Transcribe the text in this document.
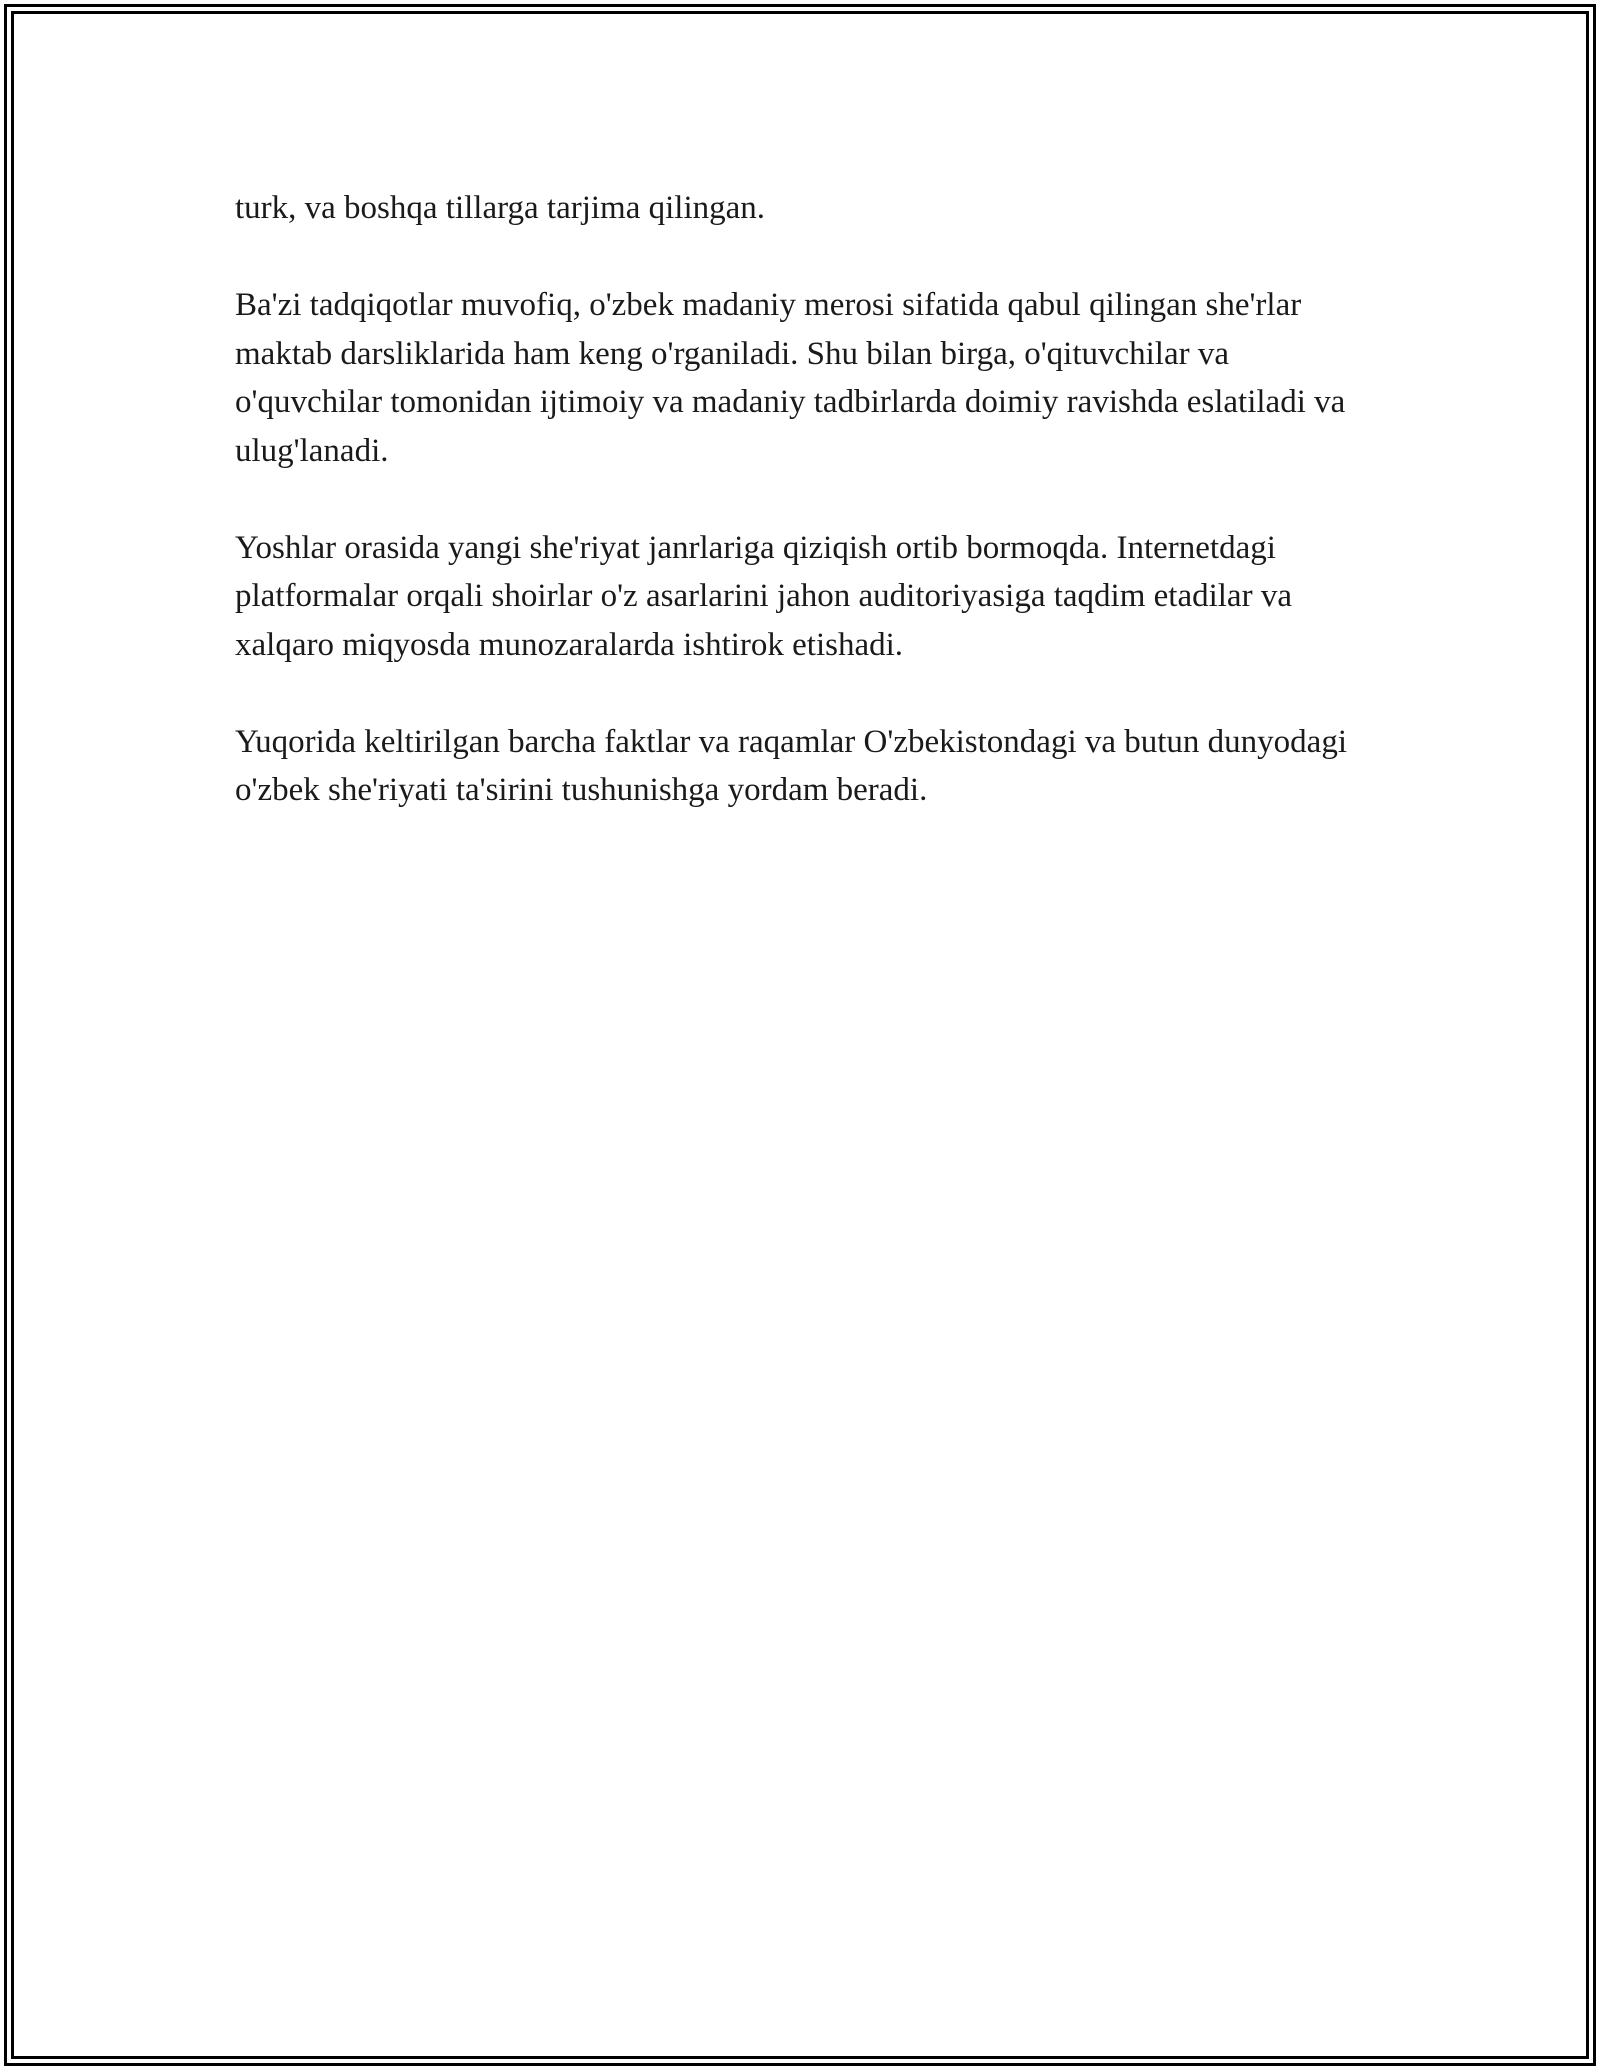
turk, va boshqa tillarga tarjima qilingan.

Ba'zi tadqiqotlar muvofiq, o'zbek madaniy merosi sifatida qabul qilingan she'rlar maktab darsliklarida ham keng o'rganiladi. Shu bilan birga, o'qituvchilar va o'quvchilar tomonidan ijtimoiy va madaniy tadbirlarda doimiy ravishda eslatiladi va ulug'lanadi.

Yoshlar orasida yangi she'riyat janrlariga qiziqish ortib bormoqda. Internetdagi platformalar orqali shoirlar o'z asarlarini jahon auditoriyasiga taqdim etadilar va xalqaro miqyosda munozaralarda ishtirok etishadi.

Yuqorida keltirilgan barcha faktlar va raqamlar O'zbekistondagi va butun dunyodagi o'zbek she'riyati ta'sirini tushunishga yordam beradi.
